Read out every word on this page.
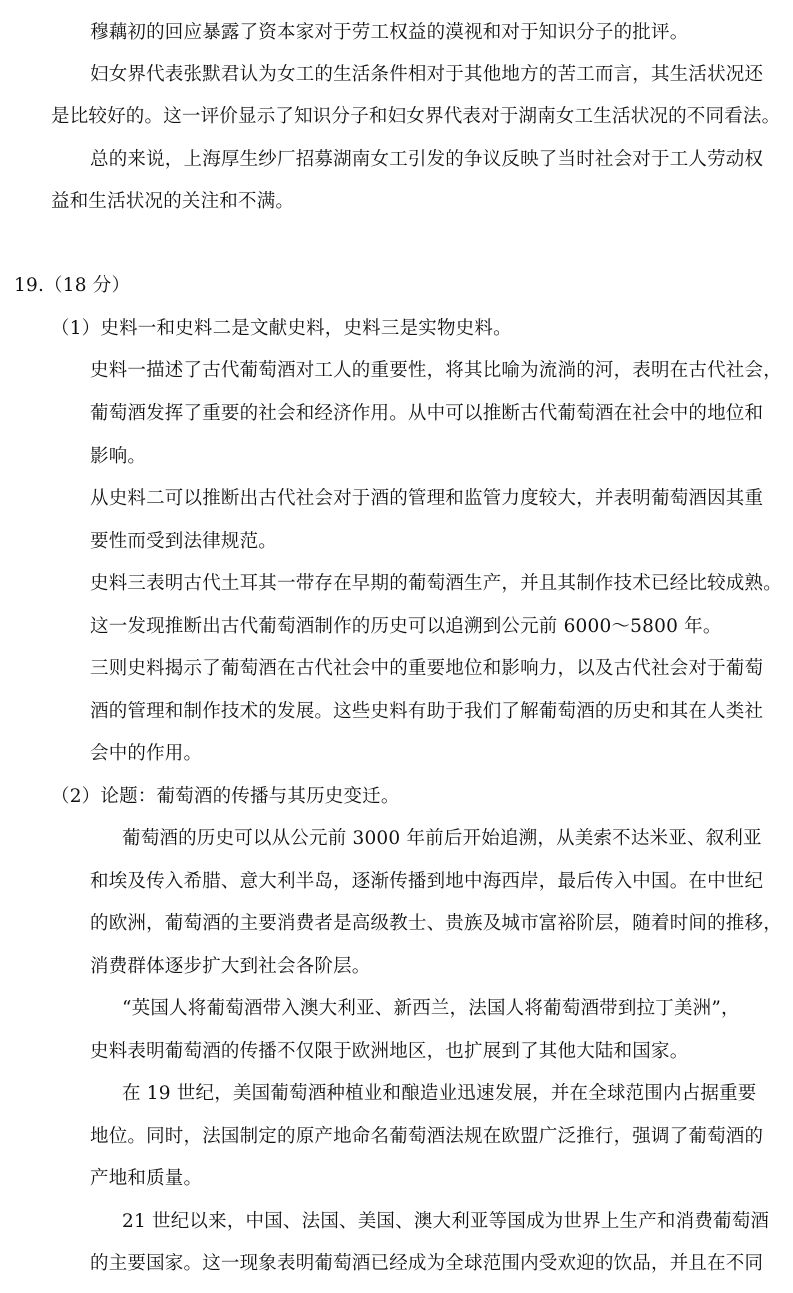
穆藕初的回应暴露了资本家对于劳工权益的漠视和对于知识分子的批评。
妇女界代表张默君认为女工的生活条件相对于其他地方的苦工而言，其生活状况还
是比较好的。这一评价显示了知识分子和妇女界代表对于湖南女工生活状况的不同看法。
总的来说，上海厚生纱厂招募湖南女工引发的争议反映了当时社会对于工人劳动权
益和生活状况的关注和不满。
19.（18 分）
（1）史料一和史料二是文献史料，史料三是实物史料。
史料一描述了古代葡萄酒对工人的重要性，将其比喻为流淌的河，表明在古代社会，
葡萄酒发挥了重要的社会和经济作用。从中可以推断古代葡萄酒在社会中的地位和
影响。
从史料二可以推断出古代社会对于酒的管理和监管力度较大，并表明葡萄酒因其重
要性而受到法律规范。
史料三表明古代土耳其一带存在早期的葡萄酒生产，并且其制作技术已经比较成熟。
这一发现推断出古代葡萄酒制作的历史可以追溯到公元前 6000～5800 年。
三则史料揭示了葡萄酒在古代社会中的重要地位和影响力，以及古代社会对于葡萄
酒的管理和制作技术的发展。这些史料有助于我们了解葡萄酒的历史和其在人类社
会中的作用。
（2）论题：葡萄酒的传播与其历史变迁。
葡萄酒的历史可以从公元前 3000 年前后开始追溯，从美索不达米亚、叙利亚
和埃及传入希腊、意大利半岛，逐渐传播到地中海西岸，最后传入中国。在中世纪
的欧洲，葡萄酒的主要消费者是高级教士、贵族及城市富裕阶层，随着时间的推移，
消费群体逐步扩大到社会各阶层。
“英国人将葡萄酒带入澳大利亚、新西兰，法国人将葡萄酒带到拉丁美洲”，
史料表明葡萄酒的传播不仅限于欧洲地区，也扩展到了其他大陆和国家。
在 19 世纪，美国葡萄酒种植业和酿造业迅速发展，并在全球范围内占据重要
地位。同时，法国制定的原产地命名葡萄酒法规在欧盟广泛推行，强调了葡萄酒的
产地和质量。
21 世纪以来，中国、法国、美国、澳大利亚等国成为世界上生产和消费葡萄酒
的主要国家。这一现象表明葡萄酒已经成为全球范围内受欢迎的饮品，并且在不同
